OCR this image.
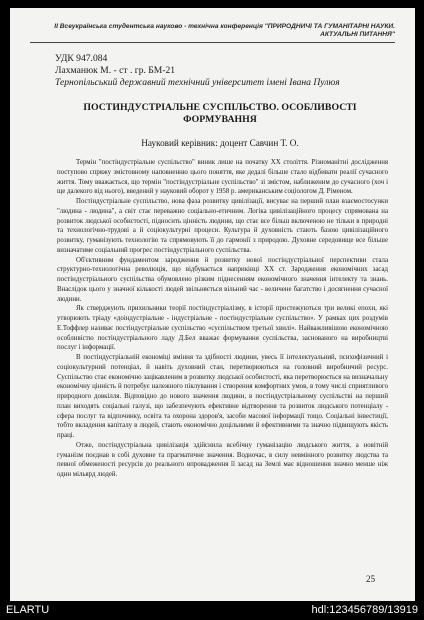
II Всеукраїнська студентська науково - технічна конференція "ПРИРОДНИЧІ ТА ГУМАНІТАРНІ НАУКИ. АКТУАЛЬНІ ПИТАННЯ"
УДК 947.084
Лахманюк М. - ст . гр. БМ-21
Тернопільський державний технічний університет імені Івана Пулюя
ПОСТИНДУСТРІАЛЬНЕ СУСПІЛЬСТВО. ОСОБЛИВОСТІ ФОРМУВАННЯ
Науковий керівник: доцент Савчин Т. О.

Термін "постіндустріальне суспільство" виник лише на початку XX століття. Різноманітні дослідження поступово спряжу змістовному наповненню цього поняття, яке дедалі більше стало відбивати реалії сучасного життя. Тому вважається, що термін "постіндустріальне суспільство" зі змістом, наближеним до сучасного (хоч і ще далекого від нього), введений у науковий оборот у 1958 р. американським соціологом Д. Ріменом.

Постіндустріальне суспільство, нова фаза розвитку цивілізації, висуває на перший план взаємостосунки "людина - людина", а світ стає переважно соціально-етичним. Логіка цивілізаційного процесу спрямована на розвиток людської особистості, підносить цінність людини, що стає все більш включеною не тільки в природні та технологічно-трудові а й соціокультурні процеси. Культура й духовність стають базою цивілізаційного розвитку, гуманізують технологію та спрямовують її до гармонії з природою. Духовне середовище все більше визначатиме соціальний прогрес постіндустріального суспільства.

Об'єктивним фундаментом зародження й розвитку нової постіндустріальної перспективи стала структурно-технологічна революція, що відбувається наприкінці XX ст. Зародження економічних засад постіндустріального суспільства обумовлено різким піднесенням економічного значення інтелекту та знань. Внаслідок цього у значної кількості людей звільняється вільний час - величене багатство і досягнення сучасної людини.

Як стверджують прихильники теорії постіндустріалізму, в історії простежуються три великі епохи, які утворюють тріаду «доіндустріальне - індустріальне - постіндустріальне суспільство». У рамках цих роздумів Е.Тоффлер називає постіндустріальне суспільство «суспільством третьої хвилі». Найважливішою економічною особливістю постіндустріального ладу Д.Бел вважає формування суспільства, заснованого на виробництві послуг і інформації.

В постіндустріальній економіці вміння та здібності людини, увесь її інтелектуальний, психофізичний і соціокультурний потенціал, й навіть духовний стан, перетворюються на головний виробничий ресурс. Суспільство стає економічно зацікавленим в розвитку людської особистості, яка перетворюється на визначальну економічну цінність й потребує належного піклування і створення комфортних умов, в тому числі сприятливого природного довкілля. Відповідно до нового значення людини, в постіндустріальному суспільстві на перший план виходять соціальні галузі, що забезпечують ефективне відтворення та розвиток людського потенціалу - сфера послуг та відпочинку, освіта та охорона здоров'я, засоби масової інформації тощо. Соціальні інвестиції, тобто вкладення капіталу в людей, стають економічно доцільними й ефективними та значно підвищують якість праці.

Отже, постіндустріальна цивілізація здійснила всебічну гуманізацію людського життя, а новітній гуманізм поєднав в собі духовне та прагматичне значення. Водночас, в силу невмінного розвитку людства та певної обмеженості ресурсів до реального впровадження її засад на Землі має відношення значно менше ніж один мільярд людей.

25
ELARTU	hdl:123456789/13919
